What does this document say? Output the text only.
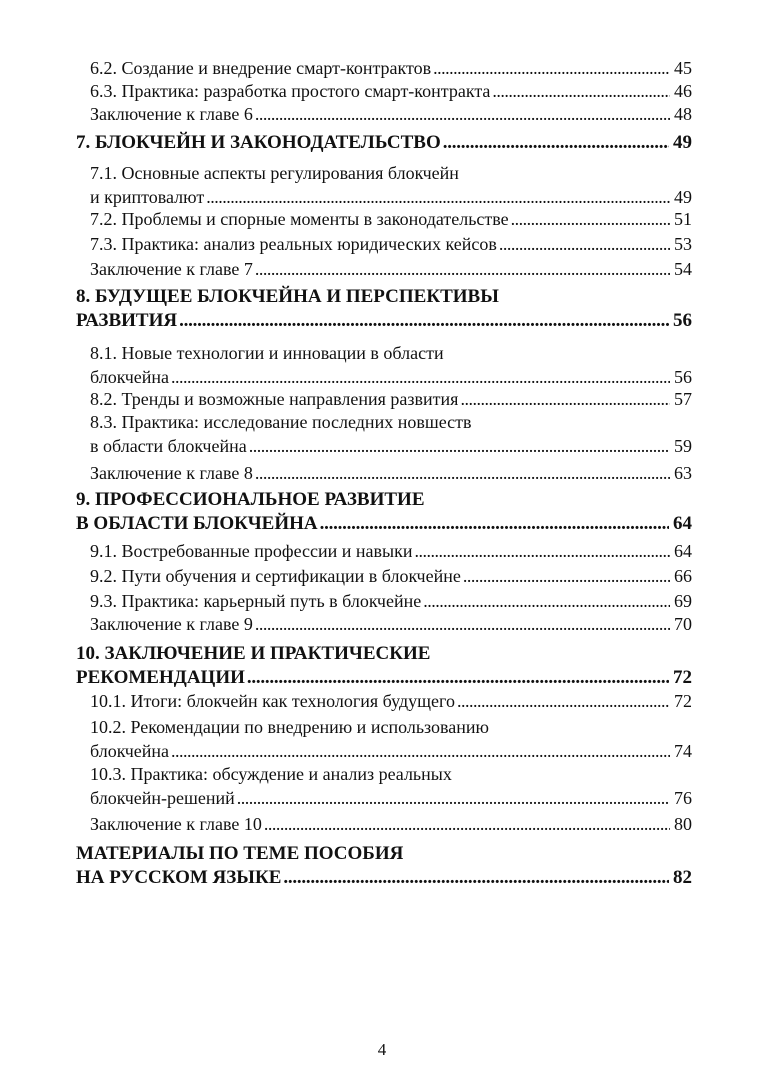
6.2. Создание и внедрение смарт-контрактов . . .	45
6.3. Практика: разработка простого смарт-контракта . . .	46
Заключение к главе 6 . . .	48
7. БЛОКЧЕЙН И ЗАКОНОДАТЕЛЬСТВО . . .	49
7.1. Основные аспекты регулирования блокчейн
и криптовалют . . .	49
7.2. Проблемы и спорные моменты в законодательстве . . .	51
7.3. Практика: анализ реальных юридических кейсов . . .	53
Заключение к главе 7 . . .	54
8. БУДУЩЕЕ БЛОКЧЕЙНА И ПЕРСПЕКТИВЫ
РАЗВИТИЯ . . .	56
8.1. Новые технологии и инновации в области
блокчейна . . .	56
8.2. Тренды и возможные направления развития . . .	57
8.3. Практика: исследование последних новшеств
в области блокчейна . . .	59
Заключение к главе 8 . . .	63
9. ПРОФЕССИОНАЛЬНОЕ РАЗВИТИЕ
В ОБЛАСТИ БЛОКЧЕЙНА . . .	64
9.1. Востребованные профессии и навыки . . .	64
9.2. Пути обучения и сертификации в блокчейне . . .	66
9.3. Практика: карьерный путь в блокчейне . . .	69
Заключение к главе 9 . . .	70
10. ЗАКЛЮЧЕНИЕ И ПРАКТИЧЕСКИЕ
РЕКОМЕНДАЦИИ . . .	72
10.1. Итоги: блокчейн как технология будущего . . .	72
10.2. Рекомендации по внедрению и использованию
блокчейна . . .	74
10.3. Практика: обсуждение и анализ реальных
блокчейн-решений . . .	76
Заключение к главе 10 . . .	80
МАТЕРИАЛЫ ПО ТЕМЕ ПОСОБИЯ
НА РУССКОМ ЯЗЫКЕ . . .	82
4
